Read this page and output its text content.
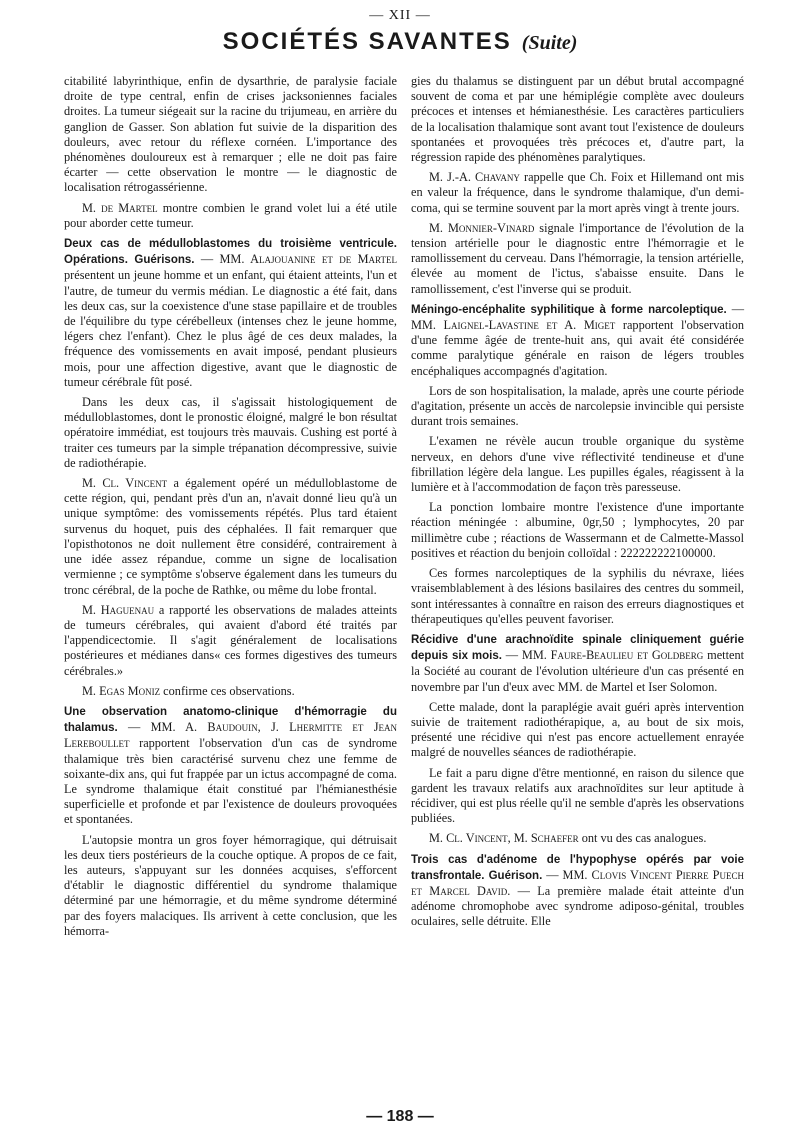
— XII —
SOCIÉTÉS SAVANTES (Suite)

citabilité labyrinthique, enfin de dysarthrie, de paralysie faciale droite de type central, enfin de crises jacksoniennes faciales droites. La tumeur siégeait sur la racine du trijumeau, en arrière du ganglion de Gasser. Son ablation fut suivie de la disparition des douleurs, avec retour du réflexe cornéen. L'importance des phénomènes douloureux est à remarquer ; elle ne doit pas faire écarter — cette observation le montre — le diagnostic de localisation rétrogassérienne.

M. de Martel montre combien le grand volet lui a été utile pour aborder cette tumeur.

Deux cas de médulloblastomes du troisième ventricule. Opérations. Guérisons. — MM. Alajouanine et de Martel présentent un jeune homme et un enfant, qui étaient atteints, l'un et l'autre, de tumeur du vermis médian. Le diagnostic a été fait, dans les deux cas, sur la coexistence d'une stase papillaire et de troubles de l'équilibre du type cérébelleux (intenses chez le jeune homme, légers chez l'enfant). Chez le plus âgé de ces deux malades, la fréquence des vomissements en avait imposé, pendant plusieurs mois, pour une affection digestive, avant que le diagnostic de tumeur cérébrale fût posé.

Dans les deux cas, il s'agissait histologiquement de médulloblastomes, dont le pronostic éloigné, malgré le bon résultat opératoire immédiat, est toujours très mauvais. Cushing est porté à traiter ces tumeurs par la simple trépanation décompressive, suivie de radiothérapie.

M. Cl. Vincent a également opéré un médulloblastome de cette région, qui, pendant près d'un an, n'avait donné lieu qu'à un unique symptôme: des vomissements répétés. Plus tard étaient survenus du hoquet, puis des céphalées. Il fait remarquer que l'opisthotonos ne doit nullement être considéré, contrairement à une idée assez répandue, comme un signe de localisation vermienne ; ce symptôme s'observe également dans les tumeurs du tronc cérébral, de la poche de Rathke, ou même du lobe frontal.

M. Haguenau a rapporté les observations de malades atteints de tumeurs cérébrales, qui avaient d'abord été traités par l'appendicectomie. Il s'agit généralement de localisations postérieures et médianes dans« ces formes digestives des tumeurs cérébrales.»

M. Egas Moniz confirme ces observations.

Une observation anatomo-clinique d'hémorragie du thalamus. — MM. A. Baudouin, J. Lhermitte et Jean Lereboullet rapportent l'observation d'un cas de syndrome thalamique très bien caractérisé survenu chez une femme de soixante-dix ans, qui fut frappée par un ictus accompagné de coma. Le syndrome thalamique était constitué par l'hémianesthésie superficielle et profonde et par l'existence de douleurs provoquées et spontanées.

L'autopsie montra un gros foyer hémorragique, qui détruisait les deux tiers postérieurs de la couche optique. A propos de ce fait, les auteurs, s'appuyant sur les données acquises, s'efforcent d'établir le diagnostic différentiel du syndrome thalamique déterminé par une hémorragie, et du même syndrome déterminé par des foyers malaciques. Ils arrivent à cette conclusion, que les hémorra-

gies du thalamus se distinguent par un début brutal accompagné souvent de coma et par une hémiplégie complète avec douleurs précoces et intenses et hémianesthésie. Les caractères particuliers de la localisation thalamique sont avant tout l'existence de douleurs spontanées et provoquées très précoces et, d'autre part, la régression rapide des phénomènes paralytiques.

M. J.-A. Chavany rappelle que Ch. Foix et Hillemand ont mis en valeur la fréquence, dans le syndrome thalamique, d'un demi-coma, qui se termine souvent par la mort après vingt à trente jours.

M. Monnier-Vinard signale l'importance de l'évolution de la tension artérielle pour le diagnostic entre l'hémorragie et le ramollissement du cerveau. Dans l'hémorragie, la tension artérielle, élevée au moment de l'ictus, s'abaisse ensuite. Dans le ramollissement, c'est l'inverse qui se produit.

Méningo-encéphalite syphilitique à forme narcoleptique. — MM. Laignel-Lavastine et A. Miget rapportent l'observation d'une femme âgée de trente-huit ans, qui avait été considérée comme paralytique générale en raison de légers troubles encéphaliques accompagnés d'agitation.

Lors de son hospitalisation, la malade, après une courte période d'agitation, présente un accès de narcolepsie invincible qui persiste durant trois semaines.

L'examen ne révèle aucun trouble organique du système nerveux, en dehors d'une vive réflectivité tendineuse et d'une fibrillation légère dela langue. Les pupilles égales, réagissent à la lumière et à l'accommodation de façon très paresseuse.

La ponction lombaire montre l'existence d'une importante réaction méningée : albumine, 0gr,50 ; lymphocytes, 20 par millimètre cube ; réactions de Wassermann et de Calmette-Massol positives et réaction du benjoin colloïdal : 222222222100000.

Ces formes narcoleptiques de la syphilis du névraxe, liées vraisemblablement à des lésions basilaires des centres du sommeil, sont intéressantes à connaître en raison des erreurs diagnostiques et thérapeutiques qu'elles peuvent favoriser.

Récidive d'une arachnoïdite spinale cliniquement guérie depuis six mois. — MM. Faure-Beaulieu et Goldberg mettent la Société au courant de l'évolution ultérieure d'un cas présenté en novembre par l'un d'eux avec MM. de Martel et Iser Solomon.

Cette malade, dont la paraplégie avait guéri après intervention suivie de traitement radiothérapique, a, au bout de six mois, présenté une récidive qui n'est pas encore actuellement enrayée malgré de nouvelles séances de radiothérapie.

Le fait a paru digne d'être mentionné, en raison du silence que gardent les travaux relatifs aux arachnoïdites sur leur aptitude à récidiver, qui est plus réelle qu'il ne semble d'après les observations publiées.

M. Cl. Vincent, M. Schaefer ont vu des cas analogues.

Trois cas d'adénome de l'hypophyse opérés par voie transfrontale. Guérison. — MM. Clovis Vincent Pierre Puech et Marcel David. — La première malade était atteinte d'un adénome chromophobe avec syndrome adiposo-génital, troubles oculaires, selle détruite. Elle

— 188 —
